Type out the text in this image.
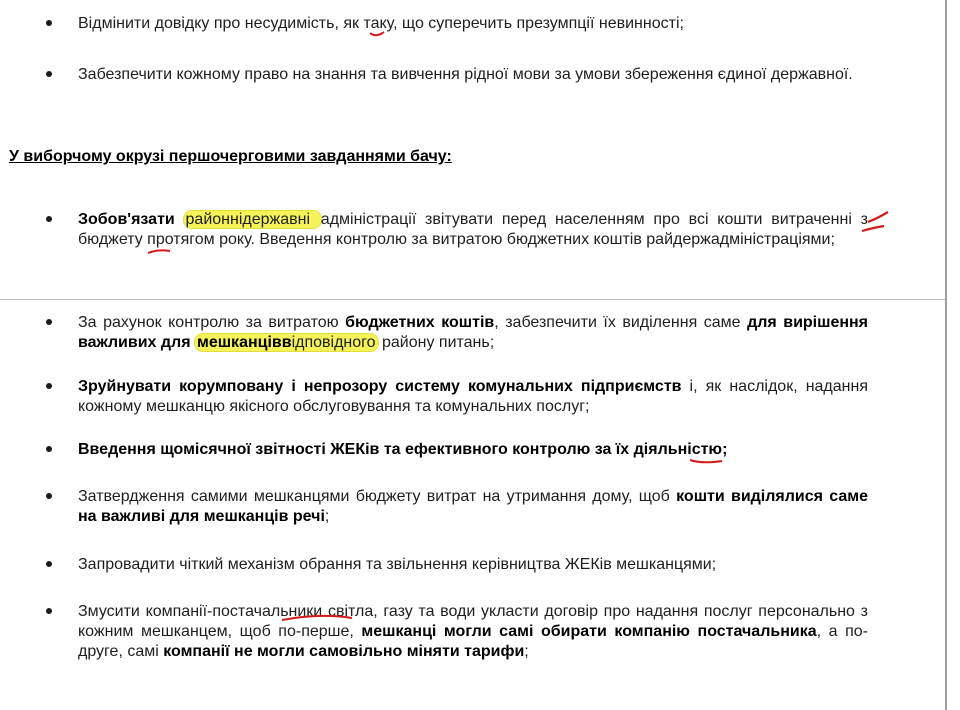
Відмінити довідку про несудимість, як таку, що суперечить презумпції невинності;
Забезпечити кожному право на знання та вивчення рідної мови за умови збереження єдиної державної.
У виборчому окрузі першочерговими завданнями бачу:
Зобов'язати районнідержавні адміністрації звітувати перед населенням про всі кошти витраченні з бюджету протягом року. Введення контролю за витратою бюджетних коштів райдержадміністраціями;
За рахунок контролю за витратою бюджетних коштів, забезпечити їх виділення саме для вирішення важливих для мешканціввідповідного району питань;
Зруйнувати корумповану і непрозору систему комунальних підприємств і, як наслідок, надання кожному мешканцю якісного обслуговування та комунальних послуг;
Введення щомісячної звітності ЖЕКів та ефективного контролю за їх діяльністю;
Затвердження самими мешканцями бюджету витрат на утримання дому, щоб кошти виділялися саме на важливі для мешканців речі;
Запровадити чіткий механізм обрання та звільнення керівництва ЖЕКів мешканцями;
Змусити компанії-постачальники світла, газу та води укласти договір про надання послуг персонально з кожним мешканцем, щоб по-перше, мешканці могли самі обирати компанію постачальника, а по-друге, самі компанії не могли самовільно міняти тарифи;
